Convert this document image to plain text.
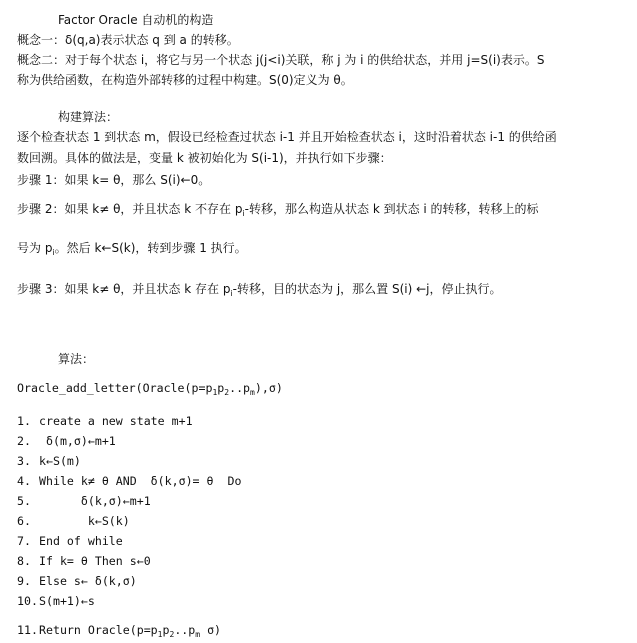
Factor Oracle 自动机的构造
概念一：δ(q,a)表示状态 q 到 a 的转移。
概念二：对于每个状态 i，将它与另一个状态 j(j<i)关联，称 j 为 i 的供给状态，并用 j=S(i)表示。S
称为供给函数，在构造外部转移的过程中构建。S(0)定义为 θ。
构建算法：
逐个检查状态 1 到状态 m，假设已经检查过状态 i-1 并且开始检查状态 i，这时沿着状态 i-1 的供给函
数回溯。具体的做法是，变量 k 被初始化为 S(i-1)，并执行如下步骤：
步骤 1：如果 k= θ，那么 S(i)←0。
步骤 2：如果 k≠ θ，并且状态 k 不存在 $p_i-$转移，那么构造从状态 k 到状态 i 的转移，转移上的标
号为 $p_i$。然后 k←S(k)，转到步骤 1 执行。
步骤 3：如果 k≠ θ，并且状态 k 存在 $p_i-$转移，目的状态为 j，那么置 S(i) ←j，停止执行。
算法：
$Oracle\_add\_letter(Oracle(p=p_1p_2..p_m),\sigma)$
1. create a new state m+1
2. δ(m,σ)←m+1
3. k←S(m)
4. While k≠ θ AND  δ(k,σ)= θ  Do
5.      δ(k,σ)←m+1
6.       k←S(k)
7. End of while
8. If k= θ Then s←0
9. Else s← δ(k,σ)
10.S(m+1)←s
11.Return $Oracle(p=p_1p_2..p_m$ σ)
